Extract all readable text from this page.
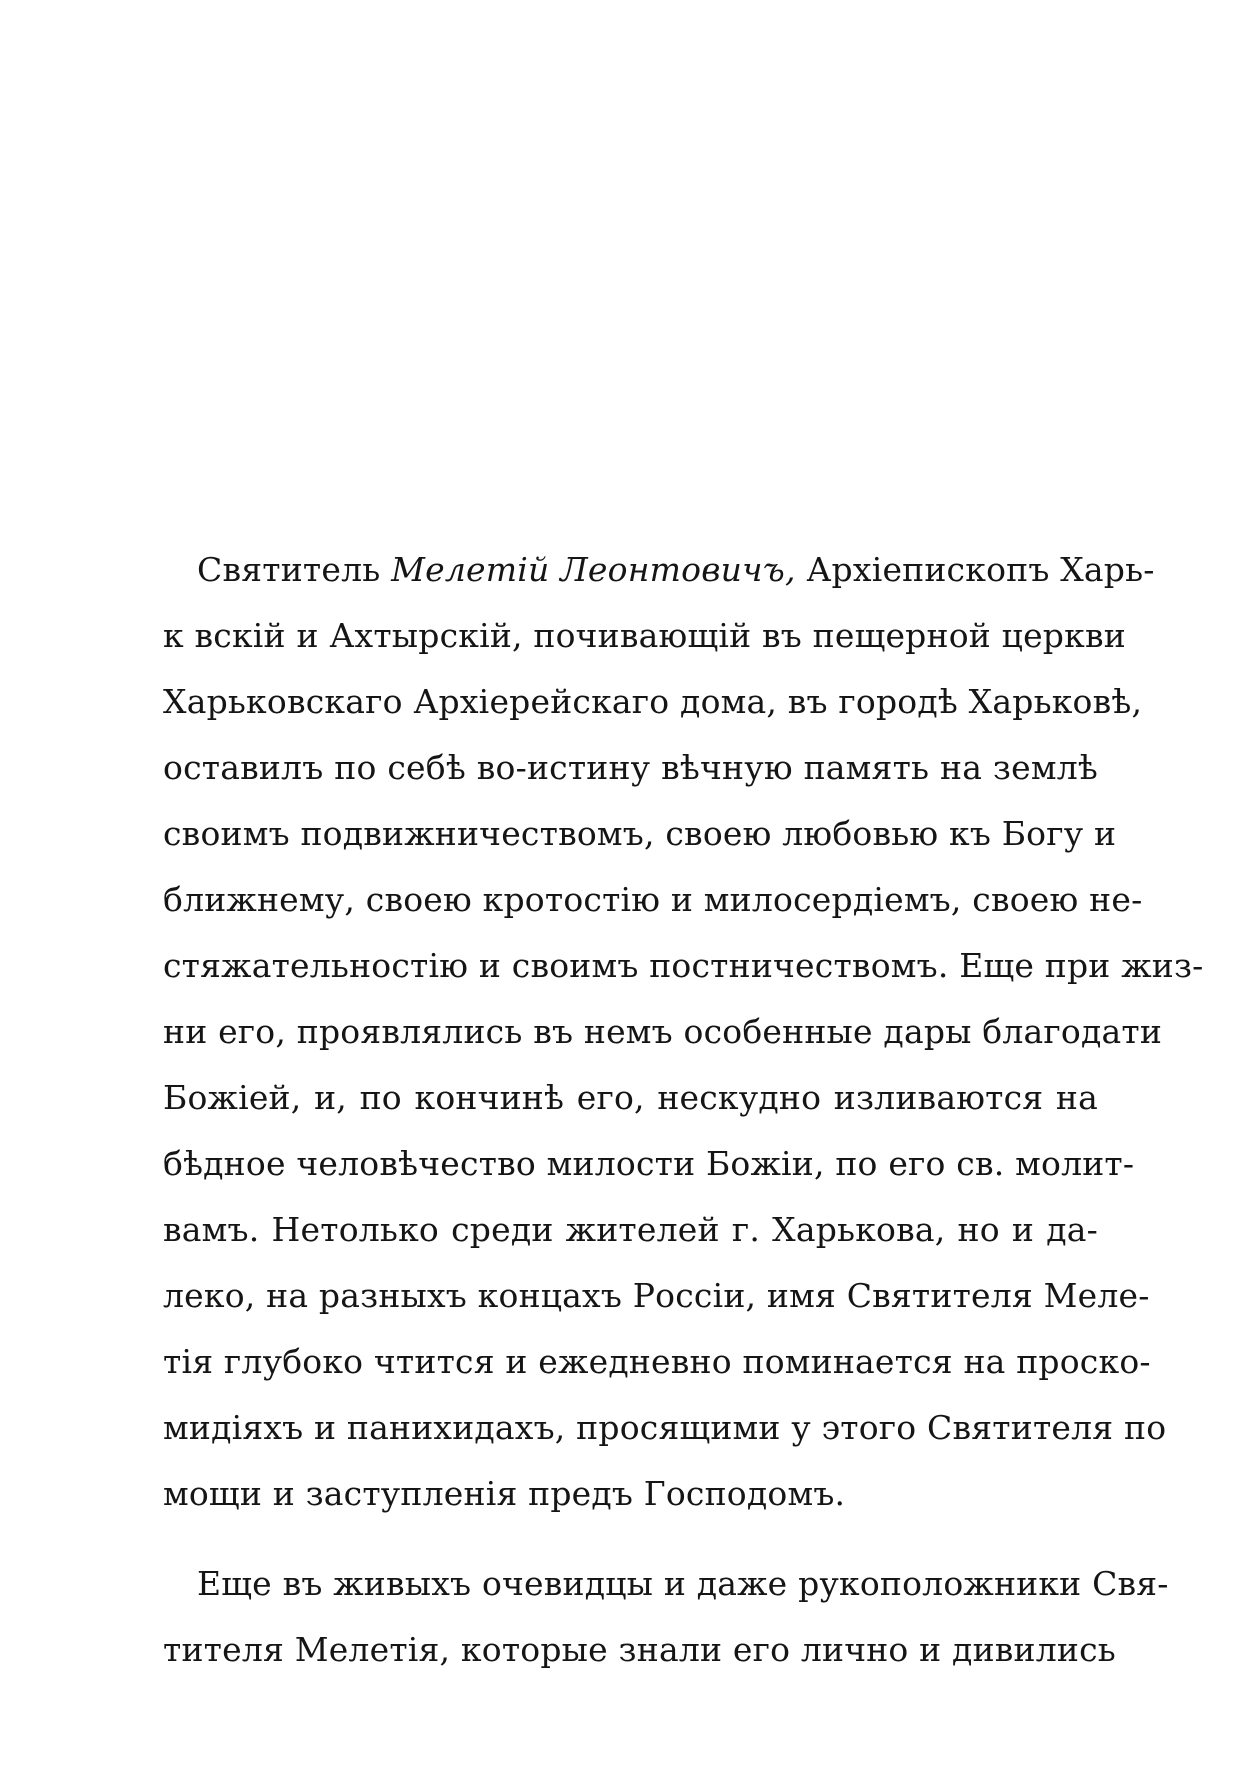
Святитель Мелетій Леонтовичъ, Архіепископъ Харь-
к вскій и Ахтырскій, почивающій въ пещерной церкви
Харьковскаго Архіерейскаго дома, въ городѣ Харьковѣ,
оставилъ по себѣ во-истину вѣчную память на землѣ
своимъ подвижничествомъ, своею любовью къ Богу и
ближнему, своею кротостію и милосердіемъ, своею не-
стяжательностію и своимъ постничествомъ. Еще при жиз-
ни его, проявлялись въ немъ особенные дары благодати
Божіей, и, по кончинѣ его, нескудно изливаются на
бѣдное человѣчество милости Божіи, по его св. молит-
вамъ. Нетолько среди жителей г. Харькова, но и да-
леко, на разныхъ концахъ Россіи, имя Святителя Меле-
тія глубоко чтится и ежедневно поминается на проско-
мидіяхъ и панихидахъ, просящими у этого Святителя по
мощи и заступленія предъ Господомъ.
Еще въ живыхъ очевидцы и даже рукоположники Свя-
тителя Мелетія, которые знали его лично и дивились
